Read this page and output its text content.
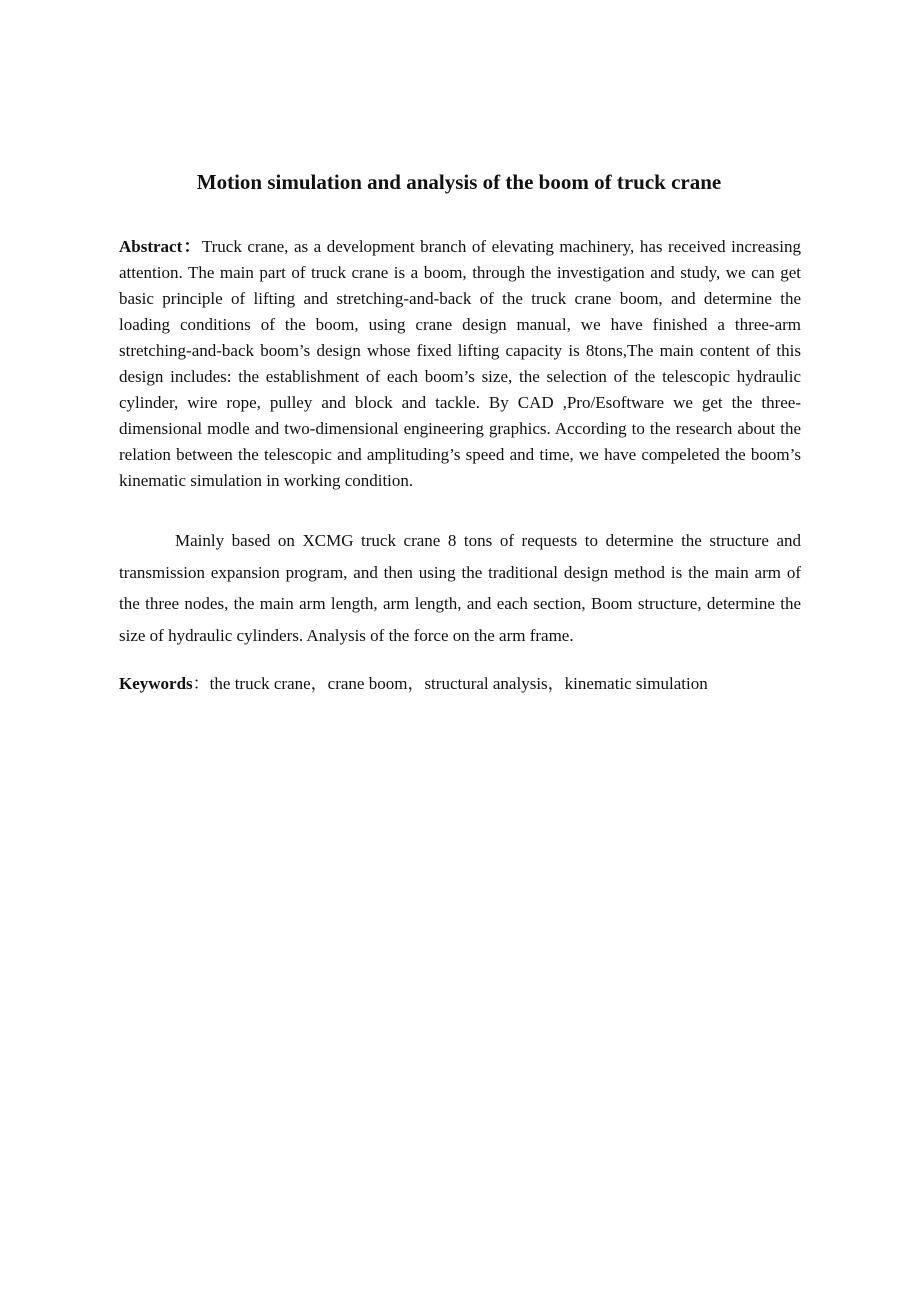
Motion simulation and analysis of the boom of truck crane

Abstract：Truck crane, as a development branch of elevating machinery, has received increasing attention. The main part of truck crane is a boom, through the investigation and study, we can get basic principle of lifting and stretching-and-back of the truck crane boom, and determine the loading conditions of the boom, using crane design manual, we have finished a three-arm stretching-and-back boom’s design whose fixed lifting capacity is 8tons,The main content of this design includes: the establishment of each boom’s size, the selection of the telescopic hydraulic cylinder, wire rope, pulley and block and tackle. By CAD ,Pro/Esoftware we get the three-dimensional modle and two-dimensional engineering graphics. According to the research about the relation between the telescopic and amplituding’s speed and time, we have compeleted the boom’s kinematic simulation in working condition.

Mainly based on XCMG truck crane 8 tons of requests to determine the structure and transmission expansion program, and then using the traditional design method is the main arm of the three nodes, the main arm length, arm length, and each section, Boom structure, determine the size of hydraulic cylinders. Analysis of the force on the arm frame.

Keywords：the truck crane，crane boom，structural analysis，kinematic simulation
